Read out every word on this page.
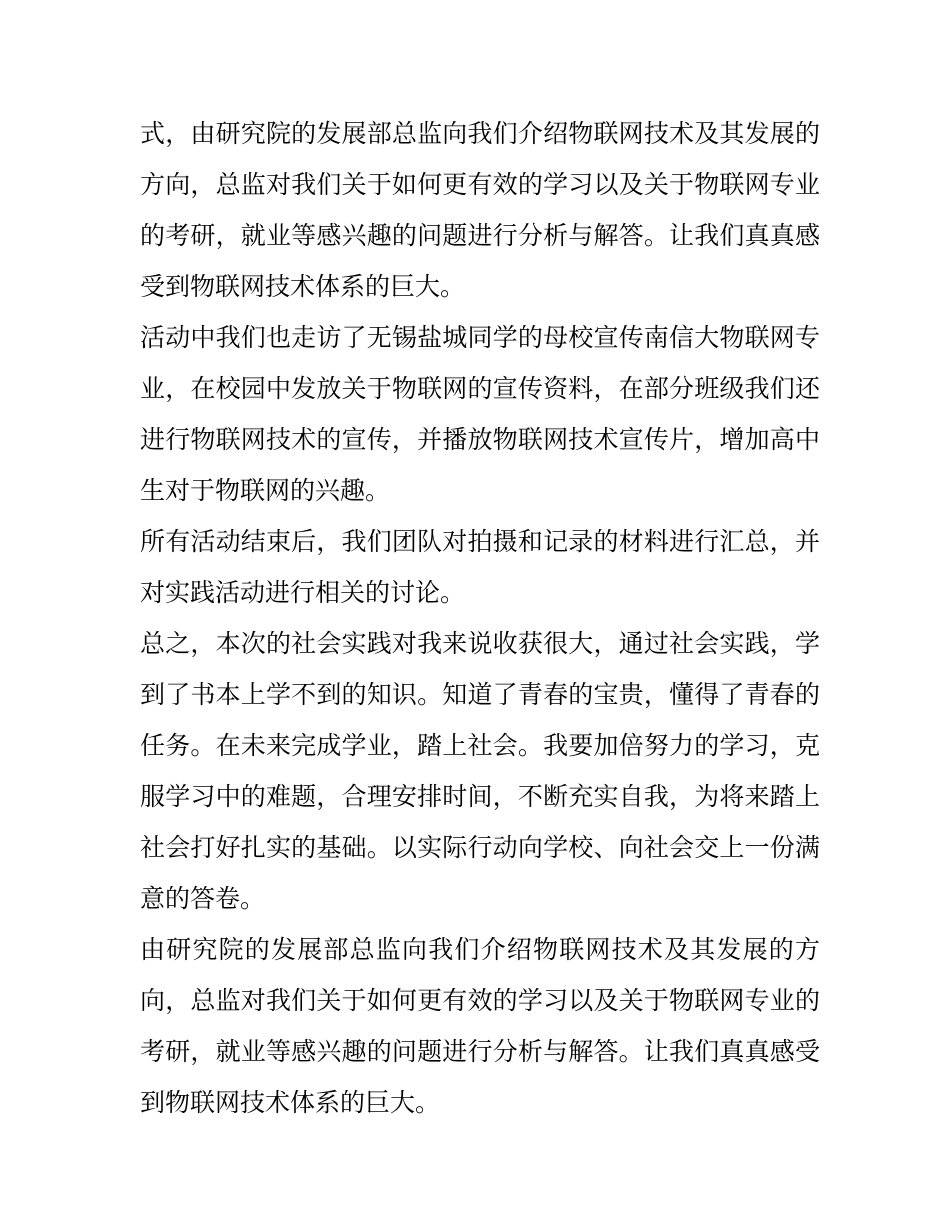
式，由研究院的发展部总监向我们介绍物联网技术及其发展的
方向，总监对我们关于如何更有效的学习以及关于物联网专业
的考研，就业等感兴趣的问题进行分析与解答。让我们真真感
受到物联网技术体系的巨大。
活动中我们也走访了无锡盐城同学的母校宣传南信大物联网专
业，在校园中发放关于物联网的宣传资料，在部分班级我们还
进行物联网技术的宣传，并播放物联网技术宣传片，增加高中
生对于物联网的兴趣。
所有活动结束后，我们团队对拍摄和记录的材料进行汇总，并
对实践活动进行相关的讨论。
总之，本次的社会实践对我来说收获很大，通过社会实践，学
到了书本上学不到的知识。知道了青春的宝贵，懂得了青春的
任务。在未来完成学业，踏上社会。我要加倍努力的学习，克
服学习中的难题，合理安排时间，不断充实自我，为将来踏上
社会打好扎实的基础。以实际行动向学校、向社会交上一份满
意的答卷。
由研究院的发展部总监向我们介绍物联网技术及其发展的方
向，总监对我们关于如何更有效的学习以及关于物联网专业的
考研，就业等感兴趣的问题进行分析与解答。让我们真真感受
到物联网技术体系的巨大。
